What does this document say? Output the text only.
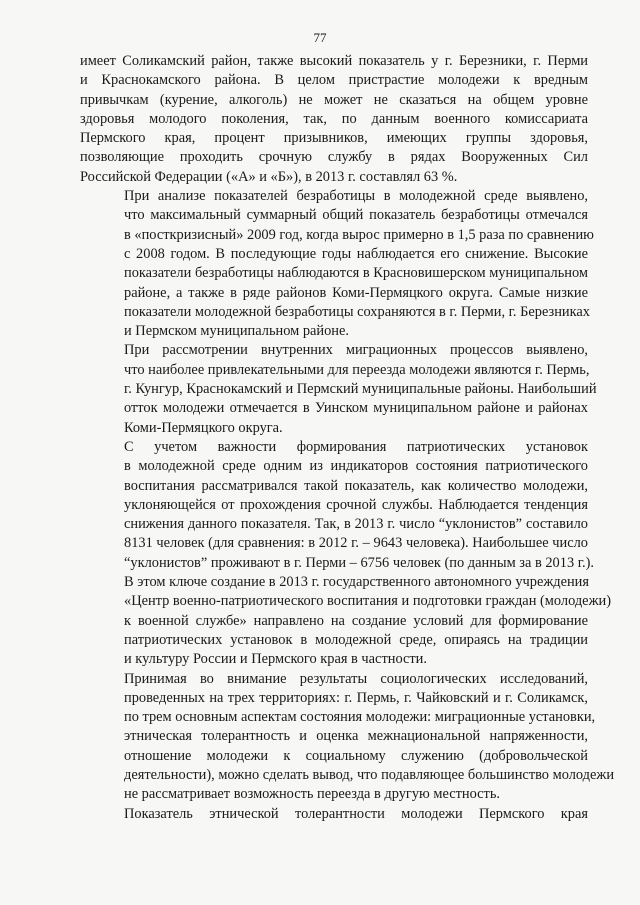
77

имеет Соликамский район, также высокий показатель у г. Березники, г. Перми
и Краснокамского района. В целом пристрастие молодежи к вредным
привычкам (курение, алкоголь) не может не сказаться на общем уровне
здоровья молодого поколения, так, по данным военного комиссариата
Пермского края, процент призывников, имеющих группы здоровья,
позволяющие проходить срочную службу в рядах Вооруженных Сил
Российской Федерации («А» и «Б»), в 2013 г. составлял 63 %.

При анализе показателей безработицы в молодежной среде выявлено,
что максимальный суммарный общий показатель безработицы отмечался
в «посткризисный» 2009 год, когда вырос примерно в 1,5 раза по сравнению
с 2008 годом. В последующие годы наблюдается его снижение. Высокие
показатели безработицы наблюдаются в Красновишерском муниципальном
районе, а также в ряде районов Коми-Пермяцкого округа. Самые низкие
показатели молодежной безработицы сохраняются в г. Перми, г. Березниках
и Пермском муниципальном районе.

При рассмотрении внутренних миграционных процессов выявлено,
что наиболее привлекательными для переезда молодежи являются г. Пермь,
г. Кунгур, Краснокамский и Пермский муниципальные районы. Наибольший
отток молодежи отмечается в Уинском муниципальном районе и районах
Коми-Пермяцкого округа.

С учетом важности формирования патриотических установок
в молодежной среде одним из индикаторов состояния патриотического
воспитания рассматривался такой показатель, как количество молодежи,
уклоняющейся от прохождения срочной службы. Наблюдается тенденция
снижения данного показателя. Так, в 2013 г. число “уклонистов” составило
8131 человек (для сравнения: в 2012 г. – 9643 человека). Наибольшее число
“уклонистов” проживают в г. Перми – 6756 человек (по данным за в 2013 г.).
В этом ключе создание в 2013 г. государственного автономного учреждения
«Центр военно-патриотического воспитания и подготовки граждан (молодежи)
к военной службе» направлено на создание условий для формирование
патриотических установок в молодежной среде, опираясь на традиции
и культуру России и Пермского края в частности.

Принимая во внимание результаты социологических исследований,
проведенных на трех территориях: г. Пермь, г. Чайковский и г. Соликамск,
по трем основным аспектам состояния молодежи: миграционные установки,
этническая толерантность и оценка межнациональной напряженности,
отношение молодежи к социальному служению (добровольческой
деятельности), можно сделать вывод, что подавляющее большинство молодежи
не рассматривает возможность переезда в другую местность.

Показатель этнической толерантности молодежи Пермского края
